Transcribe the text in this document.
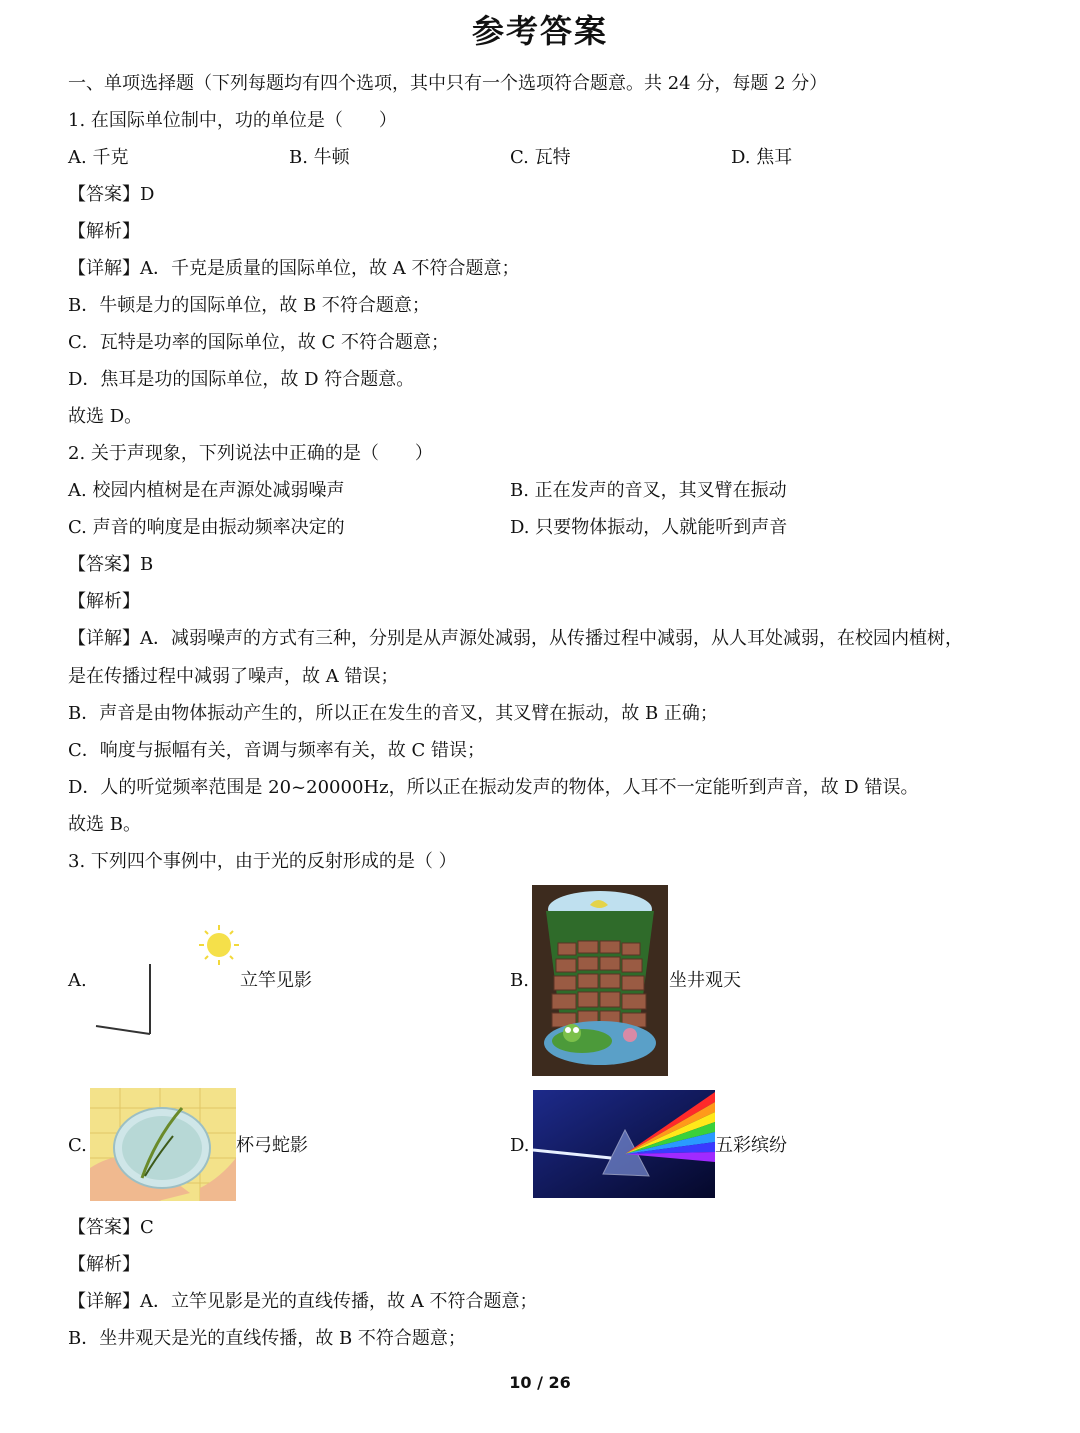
参考答案
一、单项选择题（下列每题均有四个选项，其中只有一个选项符合题意。共 24 分，每题 2 分）
1. 在国际单位制中，功的单位是（　　）
A. 千克	B. 牛顿	C. 瓦特	D. 焦耳
【答案】D
【解析】
【详解】A．千克是质量的国际单位，故 A 不符合题意；
B．牛顿是力的国际单位，故 B 不符合题意；
C．瓦特是功率的国际单位，故 C 不符合题意；
D．焦耳是功的国际单位，故 D 符合题意。
故选 D。
2. 关于声现象，下列说法中正确的是（　　）
A. 校园内植树是在声源处减弱噪声	B. 正在发声的音叉，其叉臂在振动
C. 声音的响度是由振动频率决定的	D. 只要物体振动，人就能听到声音
【答案】B
【解析】
【详解】A．减弱噪声的方式有三种，分别是从声源处减弱，从传播过程中减弱，从人耳处减弱，在校园内植树，
是在传播过程中减弱了噪声，故 A 错误；
B．声音是由物体振动产生的，所以正在发生的音叉，其叉臂在振动，故 B 正确；
C．响度与振幅有关，音调与频率有关，故 C 错误；
D．人的听觉频率范围是 20~20000Hz，所以正在振动发声的物体，人耳不一定能听到声音，故 D 错误。
故选 B。
3. 下列四个事例中，由于光的反射形成的是（ ）
A.	立竿见影	B.	坐井观天
C.	杯弓蛇影	D.	五彩缤纷
【答案】C
【解析】
【详解】A．立竿见影是光的直线传播，故 A 不符合题意；
B．坐井观天是光的直线传播，故 B 不符合题意；
10 / 26
